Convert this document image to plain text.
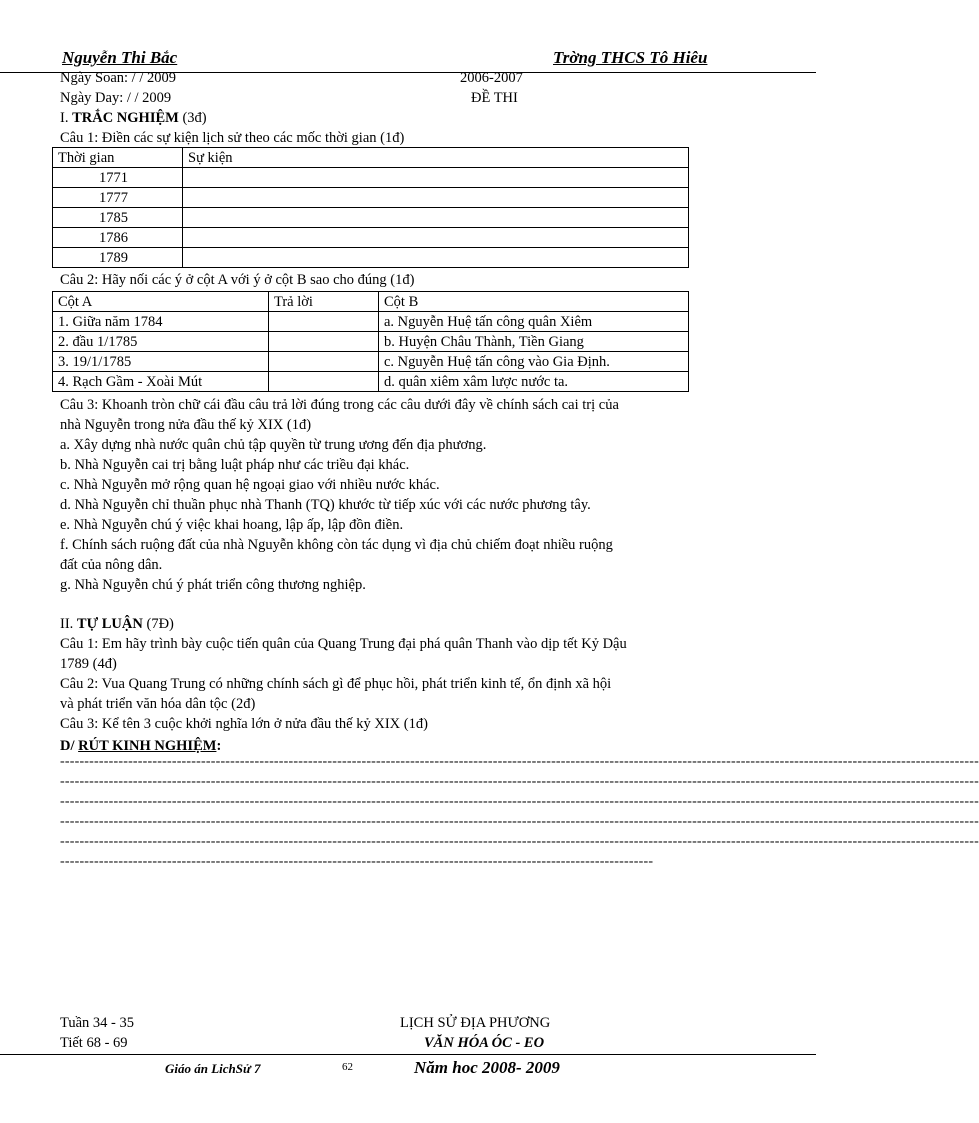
Nguyễn Thi Bắc	Trờng THCS Tô Hiêu
Ngày Soan: / / 2009	2006-2007
Ngày Day: / / 2009	ĐỀ THI
I. TRẮC NGHIỆM (3đ)
Câu 1: Điền các sự kiện lịch sử theo các mốc thời gian (1đ)
Thời gian	Sự kiện
1771	
1777	
1785	
1786	
1789	
Câu 2: Hãy nối các ý ở cột A với ý ở cột B sao cho đúng (1đ)
Cột A	Trả lời	Cột B
1. Giữa năm 1784		a. Nguyễn Huệ tấn công quân Xiêm
2. đầu 1/1785		b. Huyện Châu Thành, Tiền Giang
3. 19/1/1785		c. Nguyễn Huệ tấn công vào Gia Định.
4. Rạch Gầm - Xoài Mút		d. quân xiêm xâm lược nước ta.
Câu 3: Khoanh tròn chữ cái đầu câu trả lời đúng trong các câu dưới đây về chính sách cai trị của
nhà Nguyễn trong nửa đầu thế kỷ XIX (1đ)
a. Xây dựng nhà nước quân chủ tập quyền từ trung ương đến địa phương.
b. Nhà Nguyễn cai trị bằng luật pháp như các triều đại khác.
c. Nhà Nguyễn mở rộng quan hệ ngoại giao với nhiều nước khác.
d. Nhà Nguyễn chỉ thuần phục nhà Thanh (TQ) khước từ tiếp xúc với các nước phương tây.
e. Nhà Nguyễn chú ý việc khai hoang, lập ấp, lập đồn điền.
f. Chính sách ruộng đất của nhà Nguyễn không còn tác dụng vì địa chủ chiếm đoạt nhiều ruộng
đất của nông dân.
g. Nhà Nguyễn chú ý phát triển công thương nghiệp.
II. TỰ LUẬN (7Đ)
Câu 1: Em hãy trình bày cuộc tiến quân của Quang Trung đại phá quân Thanh vào dịp tết Kỷ Dậu
1789 (4đ)
Câu 2: Vua Quang Trung có những chính sách gì để phục hồi, phát triển kinh tế, ổn định xã hội
và phát triển văn hóa dân tộc (2đ)
Câu 3: Kể tên 3 cuộc khởi nghĩa lớn ở nửa đầu thế kỷ XIX (1đ)
D/ RÚT KINH NGHIỆM:
---------------------------------------------------------------------------------------------------------------------------------------------------------------------------------------------
---------------------------------------------------------------------------------------------------------------------------------------------------------------------------------------------
---------------------------------------------------------------------------------------------------------------------------------------------------------------------------------------------
---------------------------------------------------------------------------------------------------------------------------------------------------------------------------------------------
---------------------------------------------------------------------------------------------------------------------------------------------------------------------------------------------
--------------------------------------------------------------------------------------------------------------------------
Tuần 34 - 35
Tiết 68 - 69
LỊCH SỬ ĐỊA PHƯƠNG
VĂN HÓA ÓC - EO
Giáo án LichSử 7	62	Năm hoc 2008- 2009
